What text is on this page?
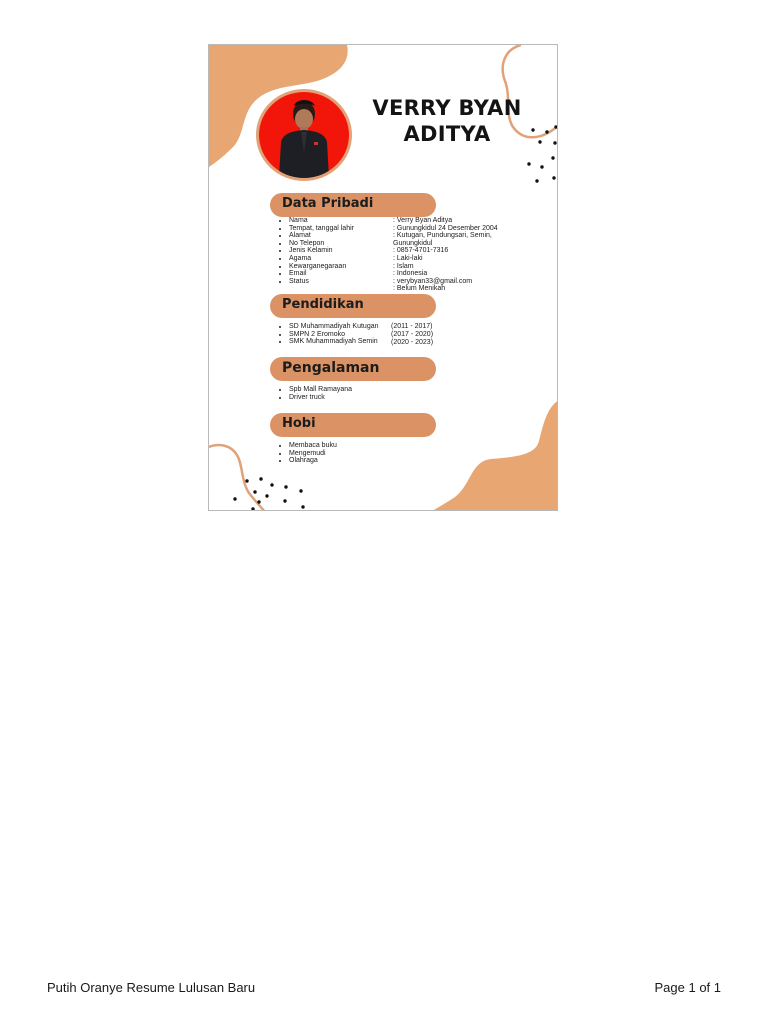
VERRY BYAN
ADITYA
Data Pribadi
• Nama
• Tempat, tanggal lahir
• Alamat
• No Telepon
• Jenis Kelamin
• Agama
• Kewarganegaraan
• Email
• Status
: Verry Byan Aditya
: Gunungkidul 24 Desember 2004
: Kutugan, Pundungsari, Semin,
Gunungkidul
: 0857-4701-7316
: Laki-laki
: Islam
: Indonesia
: verybyan33@gmail.com
: Belum Menikah
Pendidikan
• SD Muhammadiyah Kutugan
• SMPN 2 Eromoko
• SMK Muhammadiyah Semin
(2011 - 2017)
(2017 - 2020)
(2020 - 2023)
Pengalaman
• Spb Mall Ramayana
• Driver truck
Hobi
• Membaca buku
• Mengemudi
• Olahraga
Putih Oranye Resume Lulusan Baru	Page 1 of 1
